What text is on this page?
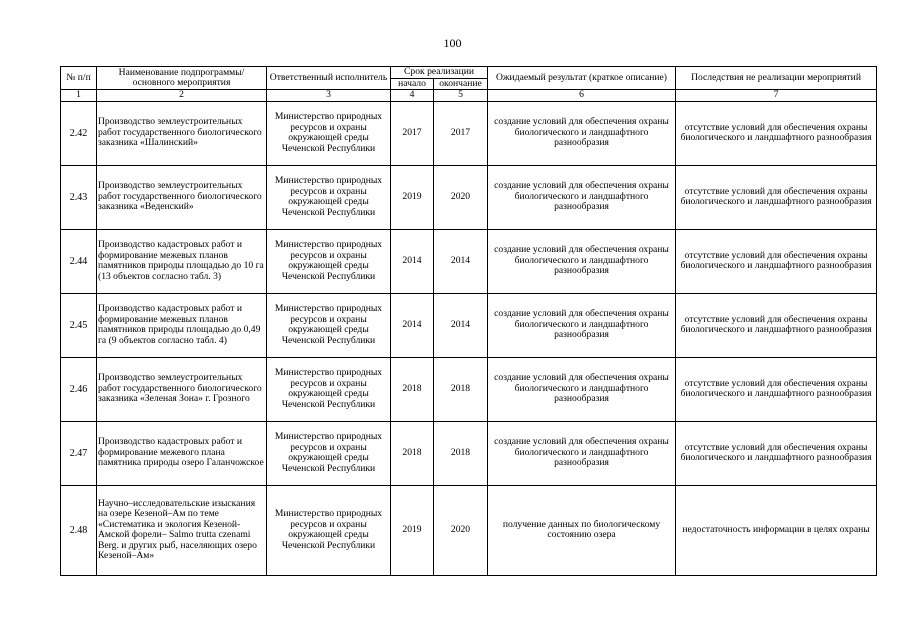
100
№ п/п	Наименование подпрограммы/ основного мероприятия	Ответственный исполнитель	Срок реализации		Ожидаемый результат (краткое описание)	Последствия не реализации мероприятий
			начало	окончание		
1	2	3	4	5	6	7
2.42	Производство землеустроительных работ государственного биологического заказника «Шалинский»	Министерство природных ресурсов и охраны окружающей среды Чеченской Республики	2017	2017	создание условий для обеспечения охраны биологического и ландшафтного разнообразия	отсутствие условий для обеспечения охраны биологического и ландшафтного разнообразия
2.43	Производство землеустроительных работ государственного биологического заказника «Веденский»	Министерство природных ресурсов и охраны окружающей среды Чеченской Республики	2019	2020	создание условий для обеспечения охраны биологического и ландшафтного разнообразия	отсутствие условий для обеспечения охраны биологического и ландшафтного разнообразия
2.44	Производство кадастровых работ и формирование межевых планов памятников природы площадью до 10 га (13 объектов согласно табл. 3)	Министерство природных ресурсов и охраны окружающей среды Чеченской Республики	2014	2014	создание условий для обеспечения охраны биологического и ландшафтного разнообразия	отсутствие условий для обеспечения охраны биологического и ландшафтного разнообразия
2.45	Производство кадастровых работ и формирование межевых планов памятников природы площадью до 0,49 га (9 объектов согласно табл. 4)	Министерство природных ресурсов и охраны окружающей среды Чеченской Республики	2014	2014	создание условий для обеспечения охраны биологического и ландшафтного разнообразия	отсутствие условий для обеспечения охраны биологического и ландшафтного разнообразия
2.46	Производство землеустроительных работ государственного биологического заказника «Зеленая Зона» г. Грозного	Министерство природных ресурсов и охраны окружающей среды Чеченской Республики	2018	2018	создание условий для обеспечения охраны биологического и ландшафтного разнообразия	отсутствие условий для обеспечения охраны биологического и ландшафтного разнообразия
2.47	Производство кадастровых работ и формирование межевого плана памятника природы озеро Галанчожское	Министерство природных ресурсов и охраны окружающей среды Чеченской Республики	2018	2018	создание условий для обеспечения охраны биологического и ландшафтного разнообразия	отсутствие условий для обеспечения охраны биологического и ландшафтного разнообразия
2.48	Научно–исследовательские изыскания на озере Кезеной–Ам по теме «Систематика и экология Кезеной-Амской форели– Salmo trutta czenami Berg. и других рыб, населяющих озеро Кезеной–Ам»	Министерство природных ресурсов и охраны окружающей среды Чеченской Республики	2019	2020	получение данных по биологическому состоянию озера	недостаточность информации в целях охраны
